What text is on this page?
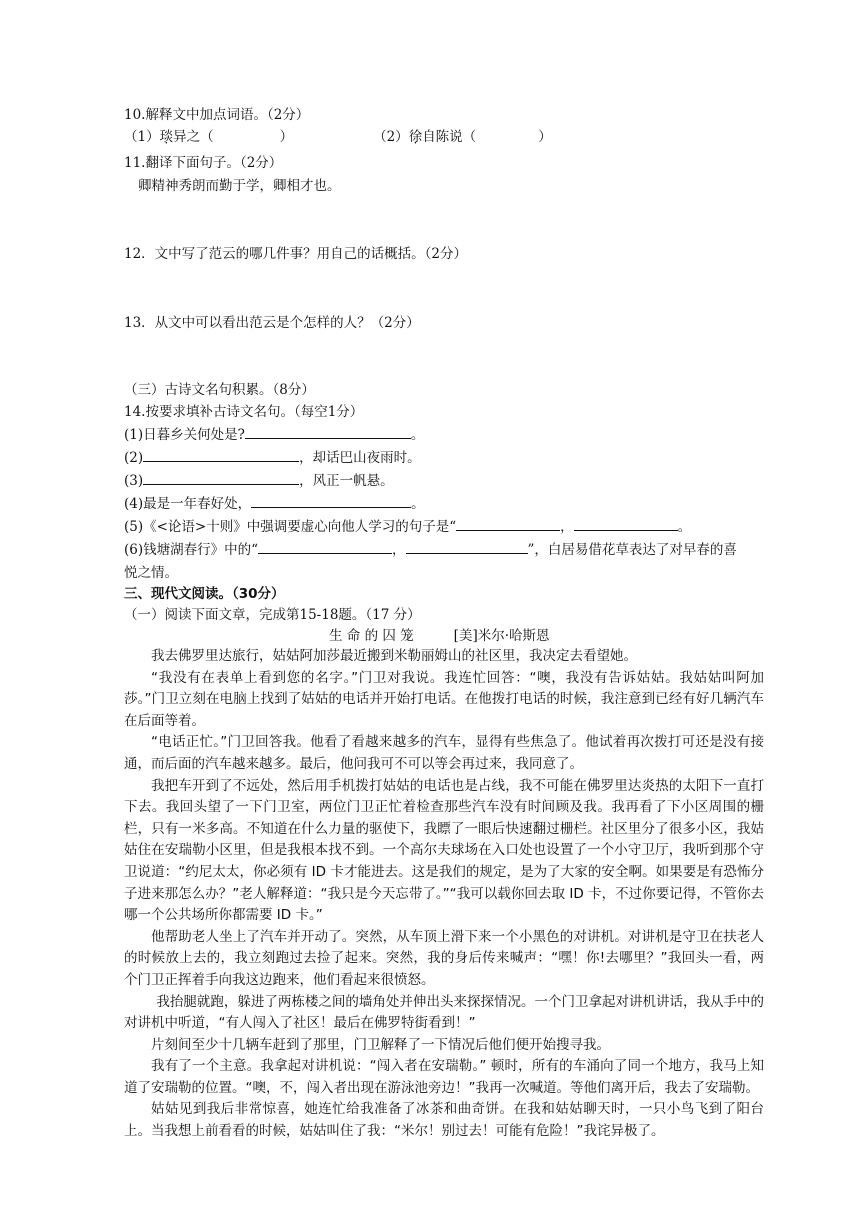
10.解释文中加点词语。（2分）
（1）琰异之（	）	（2）徐自陈说（	）
11.翻译下面句子。（2分）
卿精神秀朗而勤于学，卿相才也。
12．文中写了范云的哪几件事？用自己的话概括。（2分）
13．从文中可以看出范云是个怎样的人？（2分）
（三）古诗文名句积累。（8分）
14.按要求填补古诗文名句。（每空1分）
(1)日暮乡关何处是?	。
(2)	，却话巴山夜雨时。
(3)	，风正一帆悬。
(4)最是一年春好处，	。
(5)《<论语>十则》中强调要虚心向他人学习的句子是“	，	。
(6)钱塘湖春行》中的“	，	”，白居易借花草表达了对早春的喜
悦之情。
三、现代文阅读。（30分）
（一）阅读下面文章，完成第15-18题。（17 分）
生 命 的 囚 笼	[美]米尔·哈斯恩

我去佛罗里达旅行，姑姑阿加莎最近搬到米勒丽姆山的社区里，我决定去看望她。

“我没有在表单上看到您的名字。”门卫对我说。我连忙回答：“噢，我没有告诉姑姑。我姑姑叫阿加莎。”门卫立刻在电脑上找到了姑姑的电话并开始打电话。在他拨打电话的时候，我注意到已经有好几辆汽车在后面等着。

“电话正忙。”门卫回答我。他看了看越来越多的汽车，显得有些焦急了。他试着再次拨打可还是没有接通，而后面的汽车越来越多。最后，他问我可不可以等会再过来，我同意了。

我把车开到了不远处，然后用手机拨打姑姑的电话也是占线，我不可能在佛罗里达炎热的太阳下一直打下去。我回头望了一下门卫室，两位门卫正忙着检查那些汽车没有时间顾及我。我再看了下小区周围的栅栏，只有一米多高。不知道在什么力量的驱使下，我瞟了一眼后快速翻过栅栏。社区里分了很多小区，我姑姑住在安瑞勒小区里，但是我根本找不到。一个高尔夫球场在入口处也设置了一个小守卫厅，我听到那个守卫说道：“约尼太太，你必须有 ID 卡才能进去。这是我们的规定，是为了大家的安全啊。如果要是有恐怖分子进来那怎么办？”老人解释道：“我只是今天忘带了。”“我可以载你回去取 ID 卡，不过你要记得，不管你去哪一个公共场所你都需要 ID 卡。”

他帮助老人坐上了汽车并开动了。突然，从车顶上滑下来一个小黑色的对讲机。对讲机是守卫在扶老人的时候放上去的，我立刻跑过去捡了起来。突然，我的身后传来喊声：“嘿！你!去哪里？”我回头一看，两个门卫正挥着手向我这边跑来，他们看起来很愤怒。

我抬腿就跑，躲进了两栋楼之间的墙角处并伸出头来探探情况。一个门卫拿起对讲机讲话，我从手中的对讲机中听道，“有人闯入了社区！最后在佛罗特街看到！”

片刻间至少十几辆车赶到了那里，门卫解释了一下情况后他们便开始搜寻我。

我有了一个主意。我拿起对讲机说：“闯入者在安瑞勒。” 顿时，所有的车涌向了同一个地方，我马上知道了安瑞勒的位置。“噢，不，闯入者出现在游泳池旁边！”我再一次喊道。等他们离开后，我去了安瑞勒。

姑姑见到我后非常惊喜，她连忙给我准备了冰茶和曲奇饼。在我和姑姑聊天时，一只小鸟飞到了阳台上。当我想上前看看的时候，姑姑叫住了我：“米尔！别过去！可能有危险！”我诧异极了。
